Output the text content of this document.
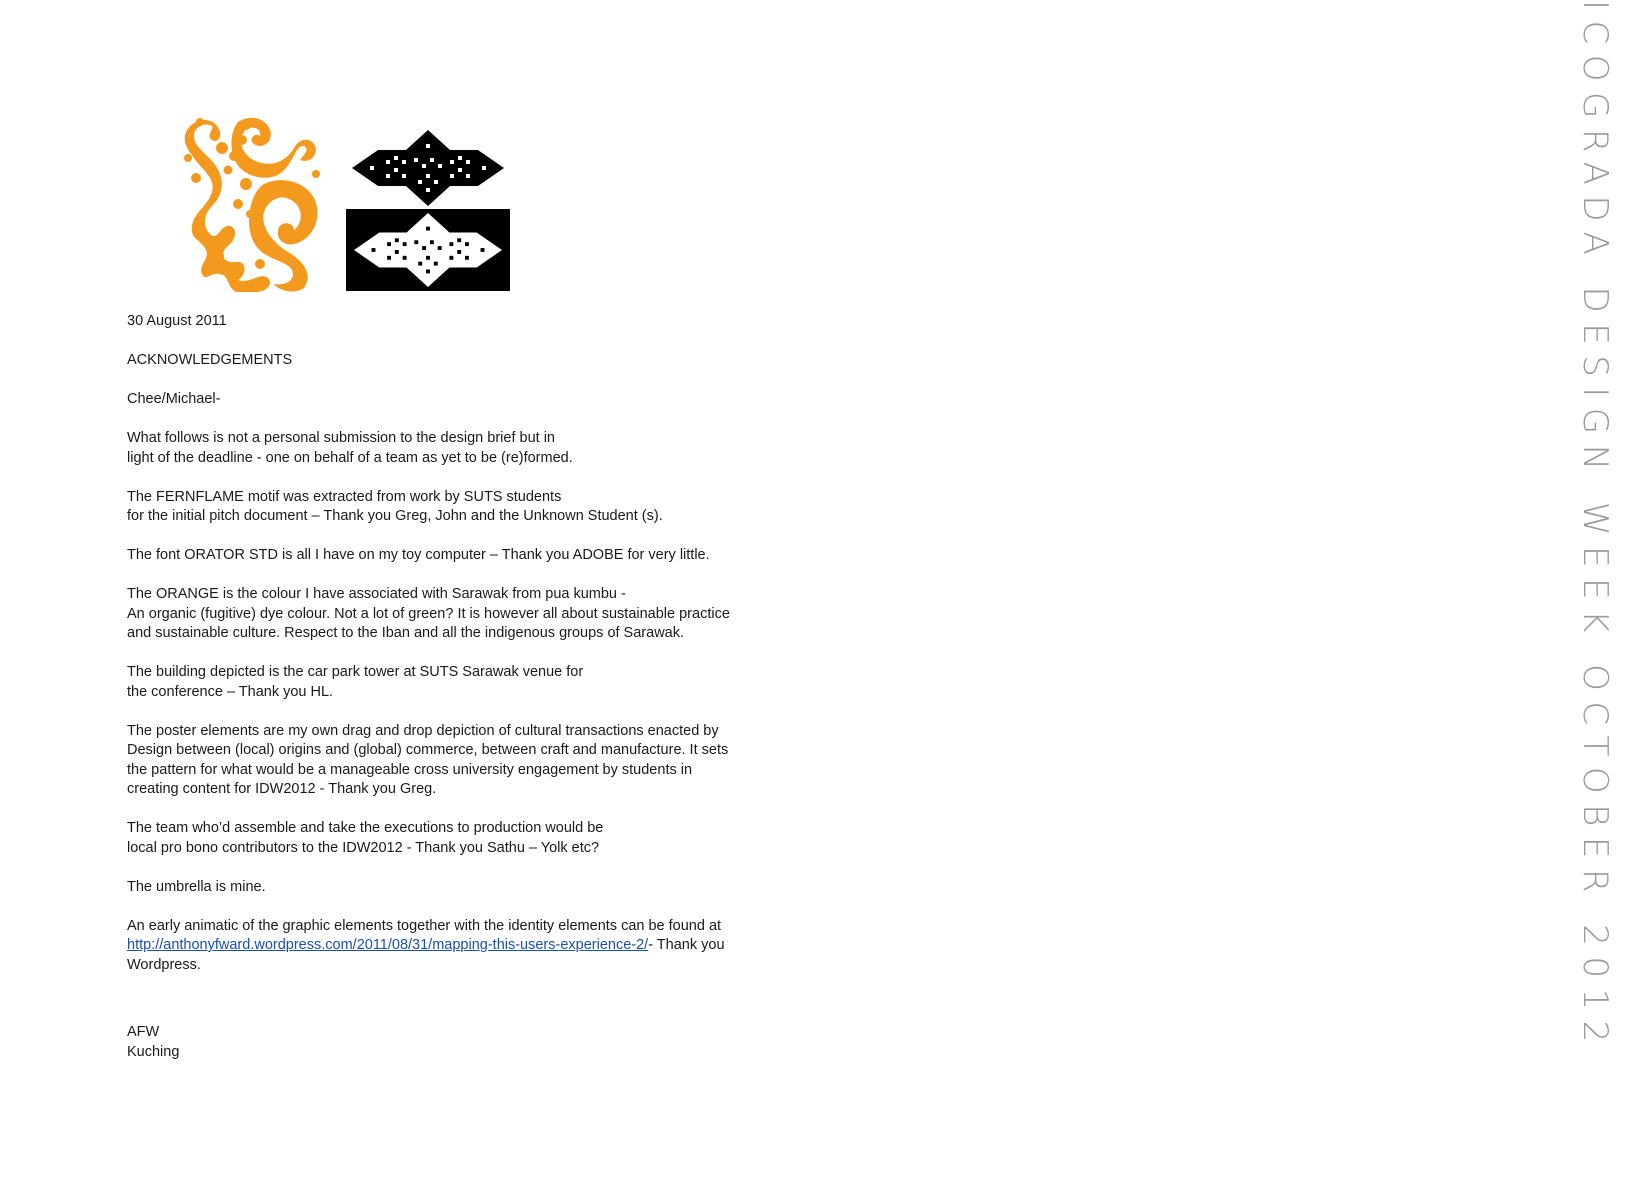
ICOGRADA DESIGN WEEK OCTOBER 2012

30 August 2011

ACKNOWLEDGEMENTS

Chee/Michael-

What follows is not a personal submission to the design brief but in
light of the deadline - one on behalf of a team as yet to be (re)formed.

The FERNFLAME motif was extracted from work by SUTS students
for the initial pitch document – Thank you Greg, John and the Unknown Student (s).

The font ORATOR STD is all I have on my toy computer – Thank you ADOBE for very little.

The ORANGE is the colour I have associated with Sarawak from pua kumbu -
An organic (fugitive) dye colour. Not a lot of green? It is however all about sustainable practice
and sustainable culture. Respect to the Iban and all the indigenous groups of Sarawak.

The building depicted is the car park tower at SUTS Sarawak venue for
the conference – Thank you HL.

The poster elements are my own drag and drop depiction of cultural transactions enacted by
Design between (local) origins and (global) commerce, between craft and manufacture. It sets
the pattern for what would be a manageable cross university engagement by students in
creating content for IDW2012 - Thank you Greg.

The team who’d assemble and take the executions to production would be
local pro bono contributors to the IDW2012 - Thank you Sathu – Yolk etc?

The umbrella is mine.

An early animatic of the graphic elements together with the identity elements can be found at
http://anthonyfward.wordpress.com/2011/08/31/mapping-this-users-experience-2/- Thank you
Wordpress.

AFW
Kuching
